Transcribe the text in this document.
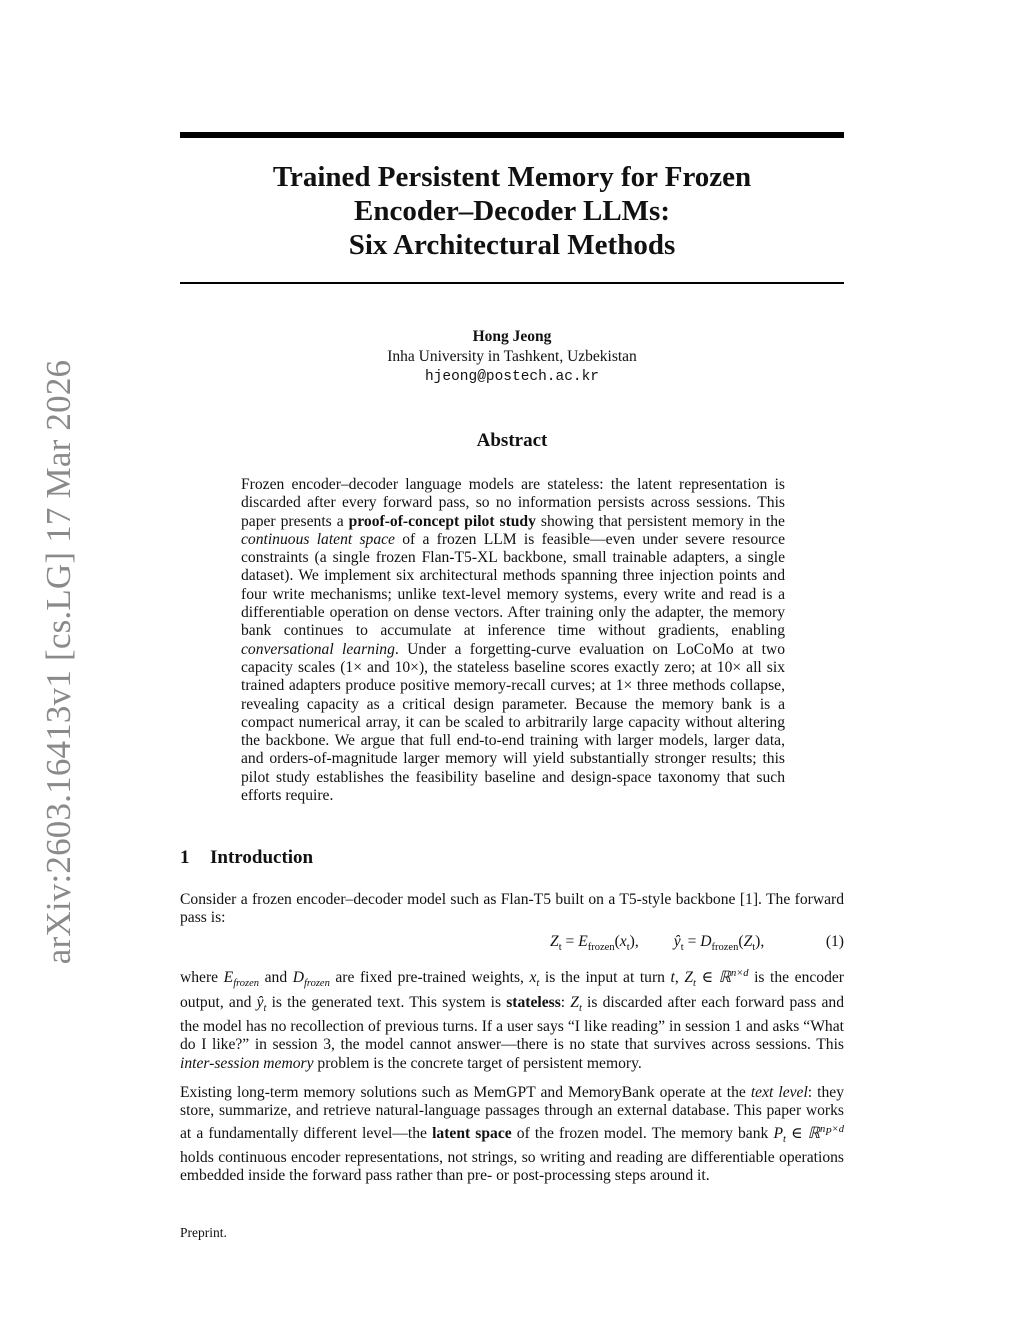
arXiv:2603.16413v1 [cs.LG] 17 Mar 2026
Trained Persistent Memory for Frozen
Encoder–Decoder LLMs:
Six Architectural Methods
Hong Jeong
Inha University in Tashkent, Uzbekistan
hjeong@postech.ac.kr
Abstract

Frozen encoder–decoder language models are stateless: the latent representation is discarded after every forward pass, so no information persists across sessions. This paper presents a proof-of-concept pilot study showing that persistent memory in the continuous latent space of a frozen LLM is feasible—even under severe resource constraints (a single frozen Flan-T5-XL backbone, small trainable adapters, a single dataset). We implement six architectural methods spanning three injection points and four write mechanisms; unlike text-level memory systems, every write and read is a differentiable operation on dense vectors. After training only the adapter, the memory bank continues to accumulate at inference time without gradients, enabling conversational learning. Under a forgetting-curve evaluation on LoCoMo at two capacity scales (1× and 10×), the stateless baseline scores exactly zero; at 10× all six trained adapters produce positive memory-recall curves; at 1× three methods collapse, revealing capacity as a critical design parameter. Because the memory bank is a compact numerical array, it can be scaled to arbitrarily large capacity without altering the backbone. We argue that full end-to-end training with larger models, larger data, and orders-of-magnitude larger memory will yield substantially stronger results; this pilot study establishes the feasibility baseline and design-space taxonomy that such efforts require.

1 Introduction

Consider a frozen encoder–decoder model such as Flan-T5 built on a T5-style backbone [1]. The forward pass is:

$Z_t = E_{frozen}(x_t)$,         $ŷ_t = D_{frozen}(Z_t)$,	(1)

where $E_{frozen}$ and $D_{frozen}$ are fixed pre-trained weights, $x_t$ is the input at turn t, $Z_t$ ∈ ℝ$^{n\times d}$ is the encoder output, and $ŷ_t$ is the generated text. This system is stateless: $Z_t$ is discarded after each forward pass and the model has no recollection of previous turns. If a user says “I like reading” in session 1 and asks “What do I like?” in session 3, the model cannot answer—there is no state that survives across sessions. This inter-session memory problem is the concrete target of persistent memory.

Existing long-term memory solutions such as MemGPT and MemoryBank operate at the text level: they store, summarize, and retrieve natural-language passages through an external database. This paper works at a fundamentally different level—the latent space of the frozen model. The memory bank $P_t$ ∈ ℝ$^{n_P\times d}$ holds continuous encoder representations, not strings, so writing and reading are differentiable operations embedded inside the forward pass rather than pre- or post-processing steps around it.

Preprint.
